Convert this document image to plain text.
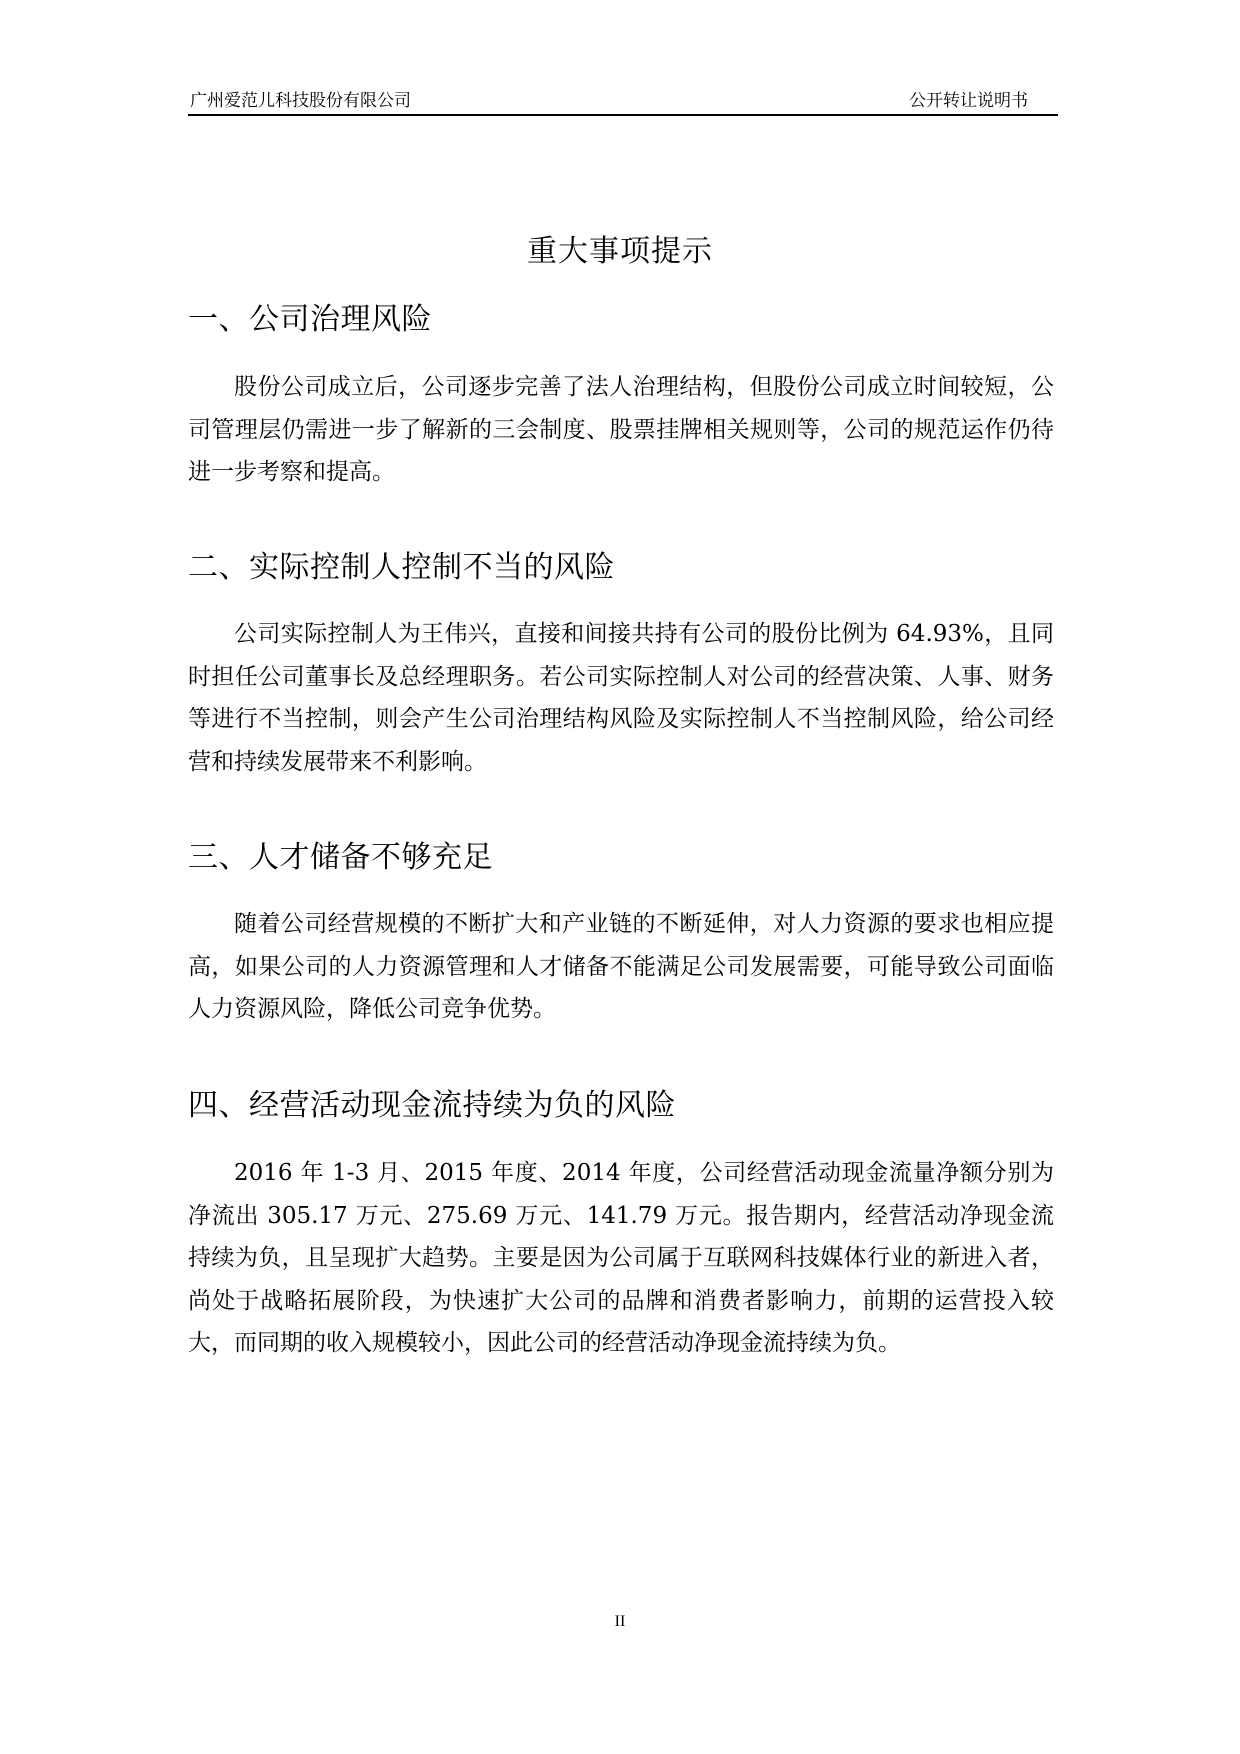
广州爱范儿科技股份有限公司	公开转让说明书
重大事项提示
一、公司治理风险
股份公司成立后，公司逐步完善了法人治理结构，但股份公司成立时间较短，公司管理层仍需进一步了解新的三会制度、股票挂牌相关规则等，公司的规范运作仍待进一步考察和提高。
二、实际控制人控制不当的风险
公司实际控制人为王伟兴，直接和间接共持有公司的股份比例为 64.93%，且同时担任公司董事长及总经理职务。若公司实际控制人对公司的经营决策、人事、财务等进行不当控制，则会产生公司治理结构风险及实际控制人不当控制风险，给公司经营和持续发展带来不利影响。
三、人才储备不够充足
随着公司经营规模的不断扩大和产业链的不断延伸，对人力资源的要求也相应提高，如果公司的人力资源管理和人才储备不能满足公司发展需要，可能导致公司面临人力资源风险，降低公司竞争优势。
四、经营活动现金流持续为负的风险
2016 年 1-3 月、2015 年度、2014 年度，公司经营活动现金流量净额分别为净流出 305.17 万元、275.69 万元、141.79 万元。报告期内，经营活动净现金流持续为负，且呈现扩大趋势。主要是因为公司属于互联网科技媒体行业的新进入者，尚处于战略拓展阶段，为快速扩大公司的品牌和消费者影响力，前期的运营投入较大，而同期的收入规模较小，因此公司的经营活动净现金流持续为负。
II
